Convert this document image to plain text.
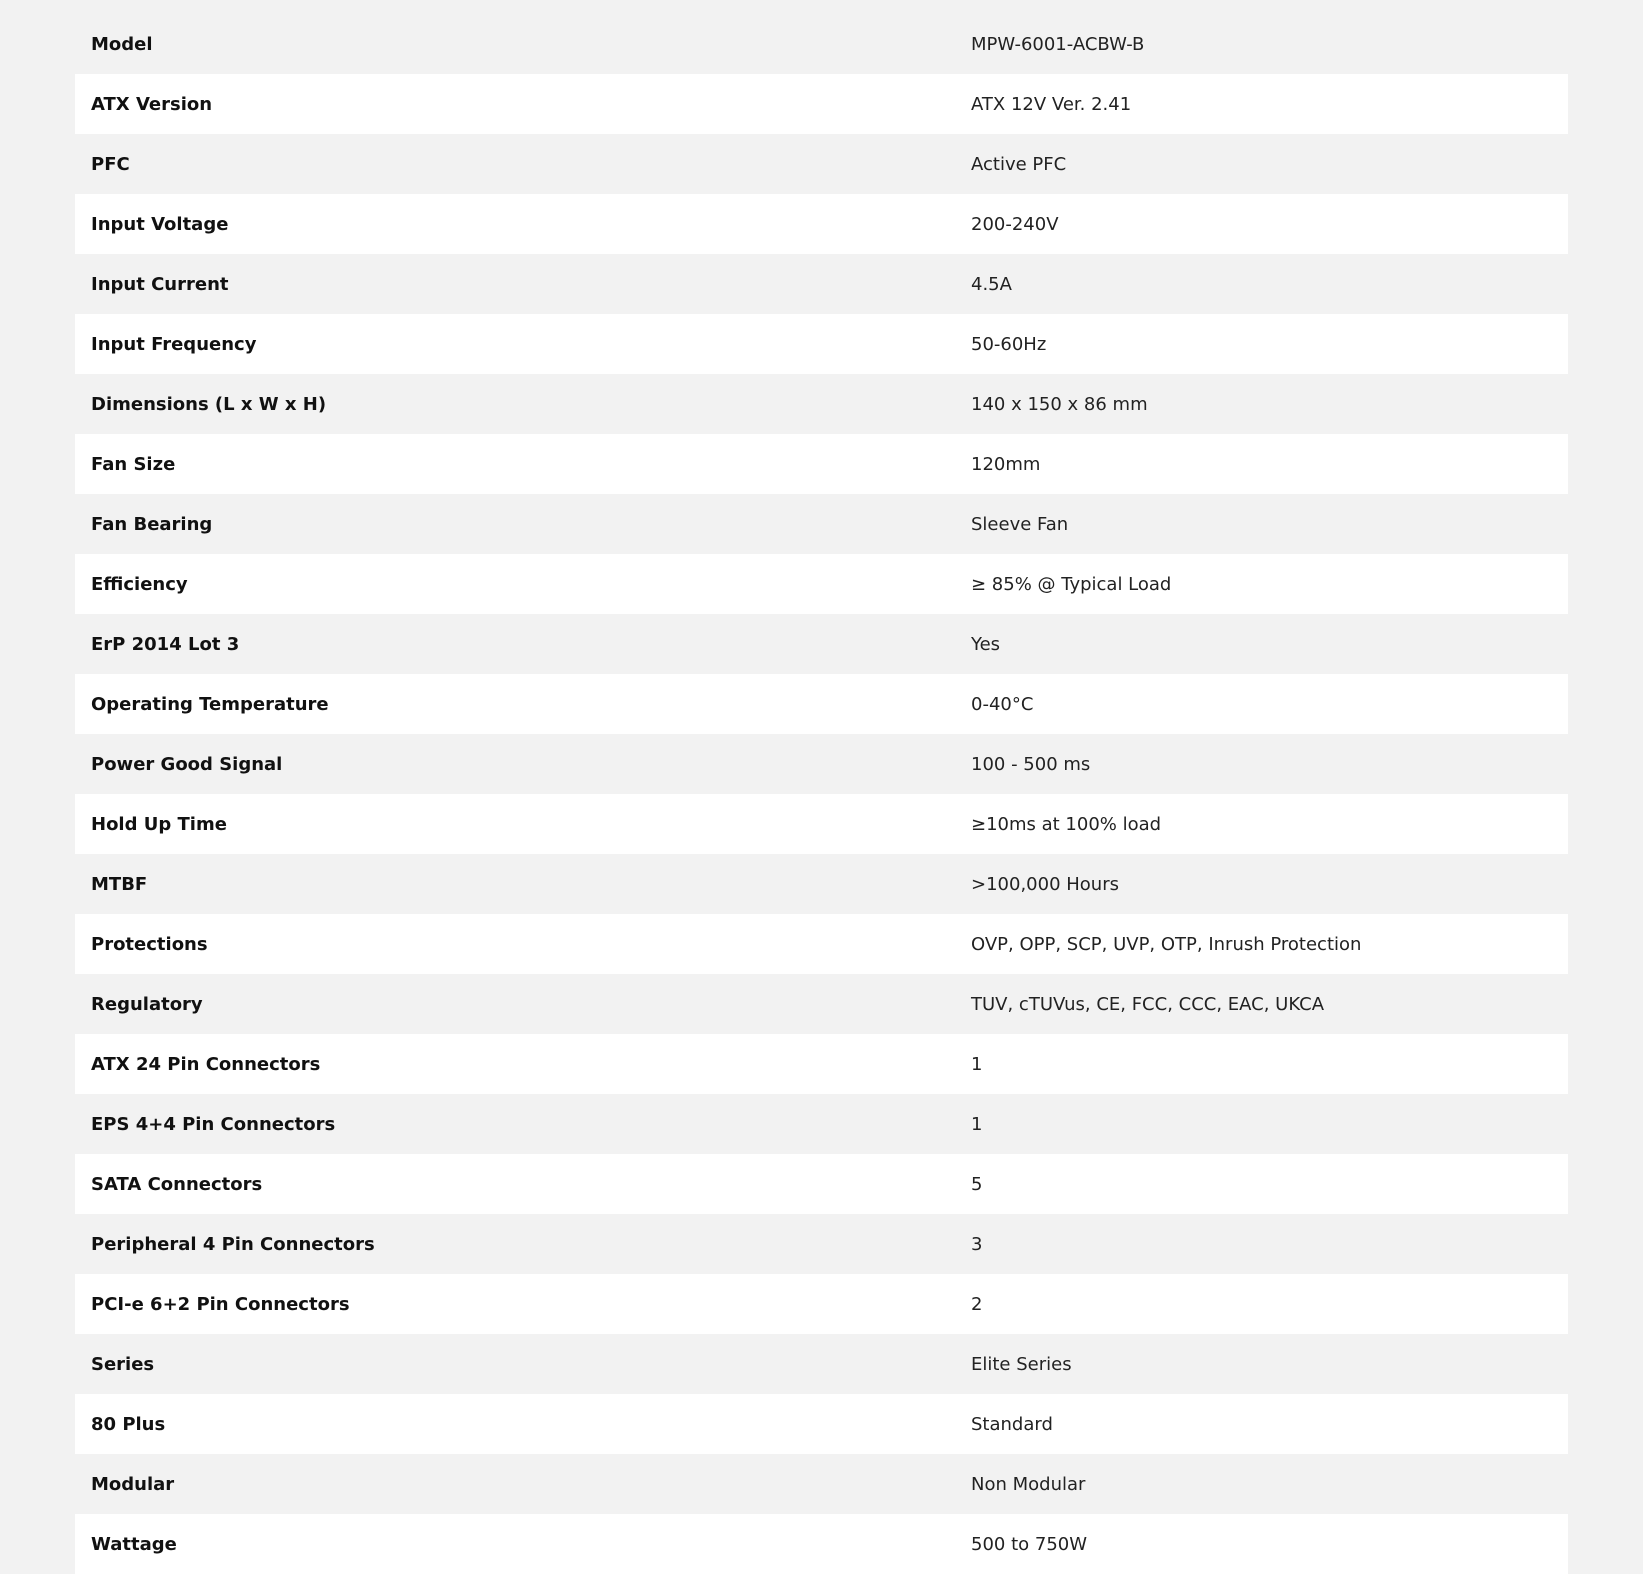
Model	MPW-6001-ACBW-B
ATX Version	ATX 12V Ver. 2.41
PFC	Active PFC
Input Voltage	200-240V
Input Current	4.5A
Input Frequency	50-60Hz
Dimensions (L x W x H)	140 x 150 x 86 mm
Fan Size	120mm
Fan Bearing	Sleeve Fan
Efficiency	≥ 85% @ Typical Load
ErP 2014 Lot 3	Yes
Operating Temperature	0-40°C
Power Good Signal	100 - 500 ms
Hold Up Time	≥10ms at 100% load
MTBF	>100,000 Hours
Protections	OVP, OPP, SCP, UVP, OTP, Inrush Protection
Regulatory	TUV, cTUVus, CE, FCC, CCC, EAC, UKCA
ATX 24 Pin Connectors	1
EPS 4+4 Pin Connectors	1
SATA Connectors	5
Peripheral 4 Pin Connectors	3
PCI-e 6+2 Pin Connectors	2
Series	Elite Series
80 Plus	Standard
Modular	Non Modular
Wattage	500 to 750W
